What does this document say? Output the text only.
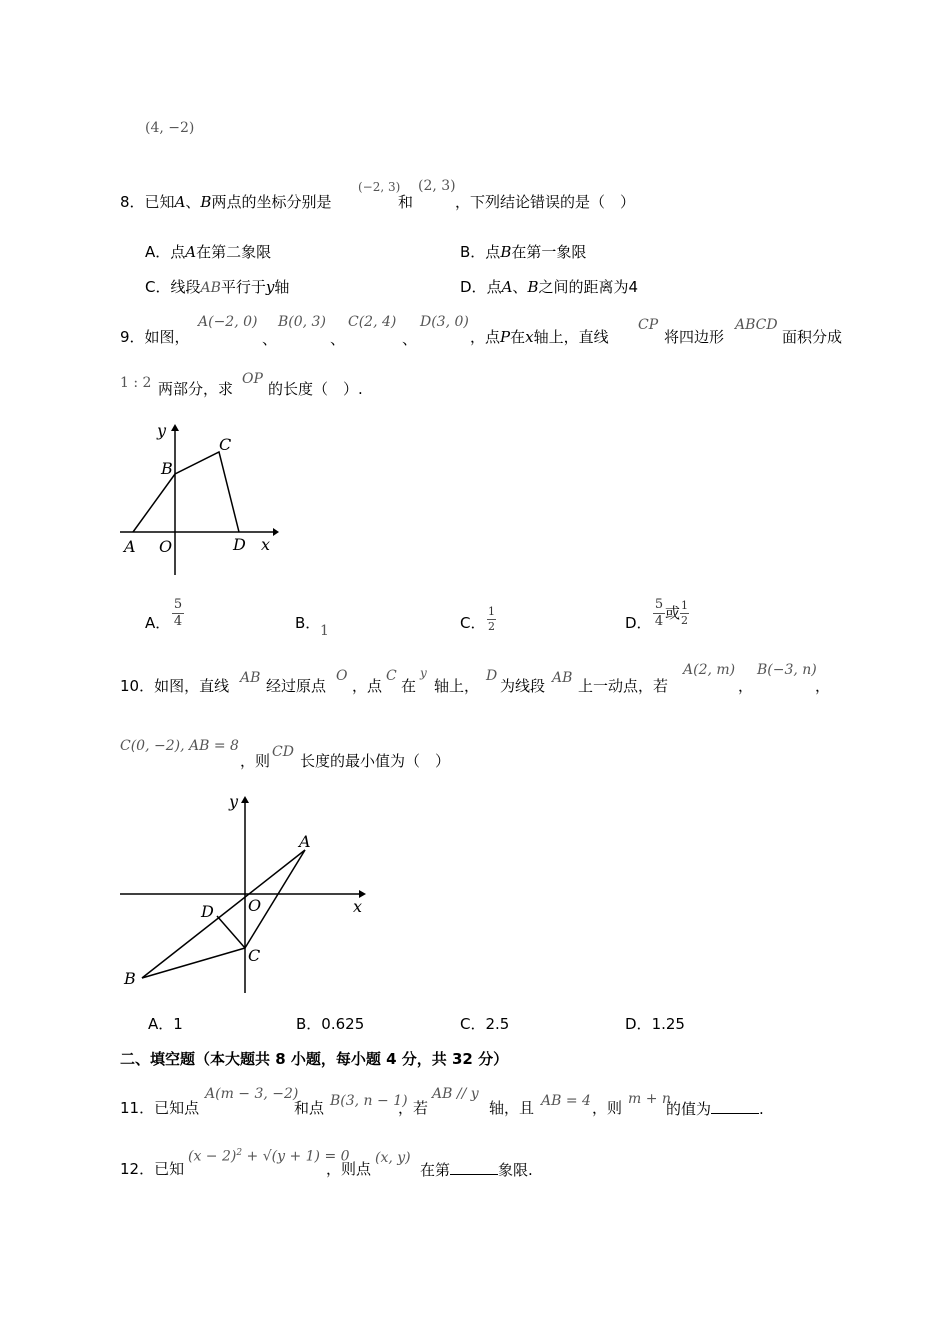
(4, −2)
8．已知A、B两点的坐标分别是
(−2, 3)
和
(2, 3)
，下列结论错误的是（　）
A．点A在第二象限	B．点B在第一象限
C．线段AB平行于y轴	D．点A、B之间的距离为4
9．如图，
A(−2, 0)
、
B(0, 3)
、
C(2, 4)
、
D(3, 0)
，点P在x轴上，直线
CP
将四边形
ABCD
面积分成
1 : 2 两部分，求
OP
的长度（　）.
y
x
A O
B
C
D
A． $\frac{5}{4}$	B． 1	C． $\frac{1}{2}$	D． $\frac{5}{4}$ 或 $\frac{1}{2}$
10．如图，直线 AB 经过原点
O
，点
C
在
y
轴上，
D
为线段 AB 上一动点，若
A(2, m)
，
B(−3, n)
，
C(0, −2), AB = 8
，则 CD 长度的最小值为（　）
y
x
A
O
D
C
B
A．1	B．0.625	C．2.5	D．1.25
二、填空题（本大题共 8 小题，每小题 4 分，共 32 分）
11．已知点
A(m − 3, −2)
和点 B(3, n − 1)
，若
AB // y
轴，且 AB = 4 ，则 m + n
的值为	.
12．已知
$(x - 2)^2 + √(y + 1) = 0$
，则点
(x, y)
在第	象限.
